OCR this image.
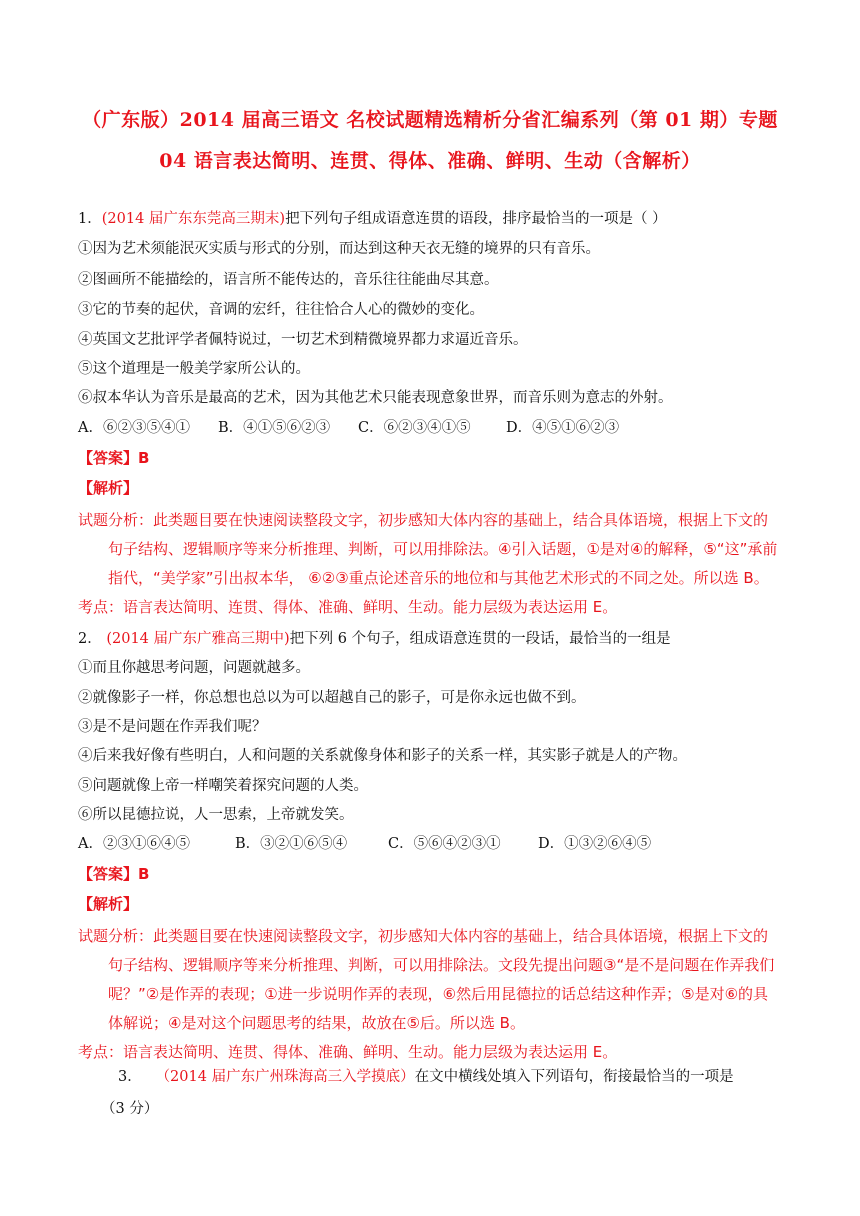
（广东版）2014 届高三语文 名校试题精选精析分省汇编系列（第 01 期）专题
04 语言表达简明、连贯、得体、准确、鲜明、生动（含解析）
1．(2014 届广东东莞高三期末)把下列句子组成语意连贯的语段，排序最恰当的一项是（ ）
①因为艺术须能泯灭实质与形式的分别，而达到这种天衣无缝的境界的只有音乐。
②图画所不能描绘的，语言所不能传达的，音乐往往能曲尽其意。
③它的节奏的起伏，音调的宏纤，往往恰合人心的微妙的变化。
④英国文艺批评学者佩特说过，一切艺术到精微境界都力求逼近音乐。
⑤这个道理是一般美学家所公认的。
⑥叔本华认为音乐是最高的艺术，因为其他艺术只能表现意象世界，而音乐则为意志的外射。
A．⑥②③⑤④① B．④①⑤⑥②③ C．⑥②③④①⑤ D．④⑤①⑥②③
【答案】B
【解析】
试题分析：此类题目要在快速阅读整段文字，初步感知大体内容的基础上，结合具体语境，根据上下文的
句子结构、逻辑顺序等来分析推理、判断，可以用排除法。④引入话题，①是对④的解释，⑤“这”承前
指代，“美学家”引出叔本华， ⑥②③重点论述音乐的地位和与其他艺术形式的不同之处。所以选 B。
考点：语言表达简明、连贯、得体、准确、鲜明、生动。能力层级为表达运用 E。
2． (2014 届广东广雅高三期中)把下列 6 个句子，组成语意连贯的一段话，最恰当的一组是
①而且你越思考问题，问题就越多。
②就像影子一样，你总想也总以为可以超越自己的影子，可是你永远也做不到。
③是不是问题在作弄我们呢？
④后来我好像有些明白，人和问题的关系就像身体和影子的关系一样，其实影子就是人的产物。
⑤问题就像上帝一样嘲笑着探究问题的人类。
⑥所以昆德拉说，人一思索，上帝就发笑。
A．②③①⑥④⑤	B．③②①⑥⑤④	C．⑤⑥④②③①	D．①③②⑥④⑤
【答案】B
【解析】
试题分析：此类题目要在快速阅读整段文字，初步感知大体内容的基础上，结合具体语境，根据上下文的
句子结构、逻辑顺序等来分析推理、判断，可以用排除法。文段先提出问题③“是不是问题在作弄我们
呢？”②是作弄的表现；①进一步说明作弄的表现，⑥然后用昆德拉的话总结这种作弄；⑤是对⑥的具
体解说；④是对这个问题思考的结果，故放在⑤后。所以选 B。
考点：语言表达简明、连贯、得体、准确、鲜明、生动。能力层级为表达运用 E。
3． （2014 届广东广州珠海高三入学摸底）在文中横线处填入下列语句，衔接最恰当的一项是
（3 分）
